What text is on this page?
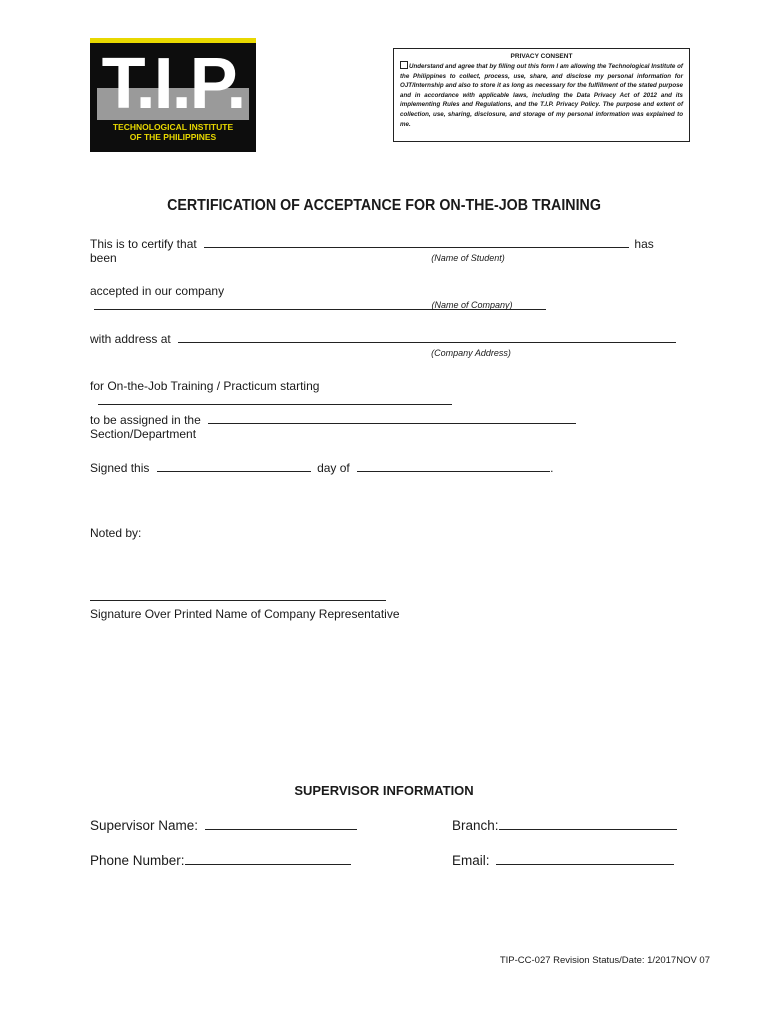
T.I.P.
TECHNOLOGICAL INSTITUTE
OF THE PHILIPPINES
PRIVACY CONSENT
Understand and agree that by filling out this form I am allowing the Technological Institute of the Philippines to collect, process, use, share, and disclose my personal information for OJT/Internship and also to store it as long as necessary for the fulfillment of the stated purpose and in accordance with applicable laws, including the Data Privacy Act of 2012 and its implementing Rules and Regulations, and the T.I.P. Privacy Policy. The purpose and extent of collection, use, sharing, disclosure, and storage of my personal information was explained to me.
CERTIFICATION OF ACCEPTANCE FOR ON-THE-JOB TRAINING
This is to certify that	has been	(Name of Student)
accepted in our company
(Name of Company)
with address at
(Company Address)
for On-the-Job Training / Practicum starting
to be assigned in the  Section/Department
Signed this	day of	.
Noted by:
Signature Over Printed Name of Company Representative
SUPERVISOR INFORMATION
Supervisor Name:	Branch:
Phone Number:	Email:
TIP-CC-027 Revision Status/Date: 1/2017NOV 07
